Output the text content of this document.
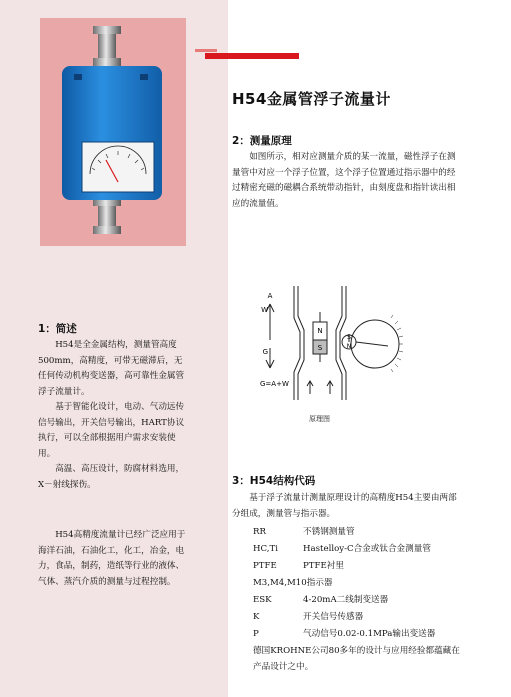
H54金属管浮子流量计
2：测量原理

如图所示，相对应测量介质的某一流量，磁性浮子在测量管中对应一个浮子位置，这个浮子位置通过指示器中的经过精密充磁的磁耦合系统带动指针，由刻度盘和指针读出相应的流量值。

A
W
G
N
S
S
N
G=A+W
原理图
1：简述

H54是全金属结构，测量管高度500mm，高精度，可带无磁滞后，无任何传动机构变送器，高可靠性金属管浮子流量计。

基于智能化设计，电动、气动远传信号输出，开关信号输出，HART协议执行，可以全部根据用户需求安装使用。

高温、高压设计，防腐材料选用，X－射线探伤。

H54高精度流量计已经广泛应用于海洋石油，石油化工，化工，冶金，电力，食品，制药，造纸等行业的液体、气体、蒸汽介质的测量与过程控制。

3：H54结构代码

基于浮子流量计测量原理设计的高精度H54主要由两部分组成，测量管与指示器。

RR	不锈钢测量管
HC,Ti	Hastelloy-C合金或钛合金测量管
PTFE	PTFE衬里
M3,M4,M10指示器
ESK	4-20mA二线制变送器
K	开关信号传感器
P	气动信号0.02-0.1MPa输出变送器

德国KROHNE公司80多年的设计与应用经验都蕴藏在产品设计之中。
